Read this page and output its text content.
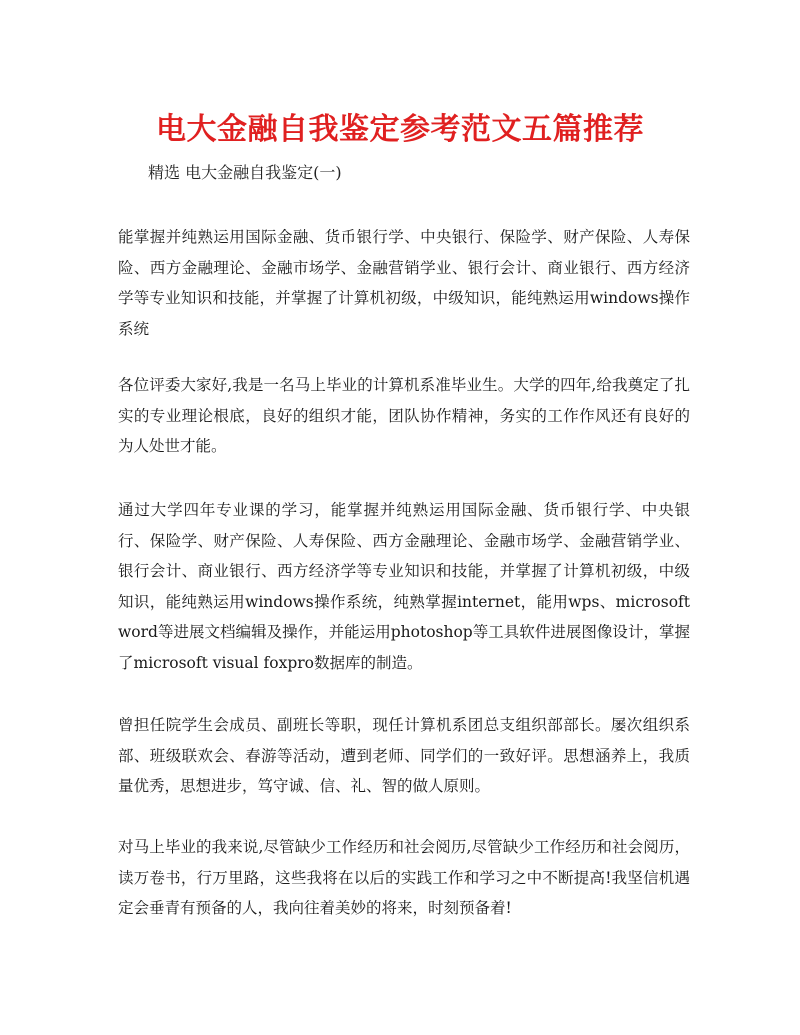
电大金融自我鉴定参考范文五篇推荐
精选 电大金融自我鉴定(一)
能掌握并纯熟运用国际金融、货币银行学、中央银行、保险学、财产保险、人寿保险、西方金融理论、金融市场学、金融营销学业、银行会计、商业银行、西方经济学等专业知识和技能，并掌握了计算机初级，中级知识，能纯熟运用windows操作系统
各位评委大家好,我是一名马上毕业的计算机系准毕业生。大学的四年,给我奠定了扎实的专业理论根底，良好的组织才能，团队协作精神，务实的工作作风还有良好的为人处世才能。
通过大学四年专业课的学习，能掌握并纯熟运用国际金融、货币银行学、中央银行、保险学、财产保险、人寿保险、西方金融理论、金融市场学、金融营销学业、银行会计、商业银行、西方经济学等专业知识和技能，并掌握了计算机初级，中级知识，能纯熟运用windows操作系统，纯熟掌握internet，能用wps、microsoft word等进展文档编辑及操作，并能运用photoshop等工具软件进展图像设计，掌握了microsoft visual foxpro数据库的制造。
曾担任院学生会成员、副班长等职，现任计算机系团总支组织部部长。屡次组织系部、班级联欢会、春游等活动，遭到老师、同学们的一致好评。思想涵养上，我质量优秀，思想进步，笃守诚、信、礼、智的做人原则。
对马上毕业的我来说,尽管缺少工作经历和社会阅历,尽管缺少工作经历和社会阅历，读万卷书，行万里路，这些我将在以后的实践工作和学习之中不断提高!我坚信机遇定会垂青有预备的人，我向往着美妙的将来，时刻预备着!
